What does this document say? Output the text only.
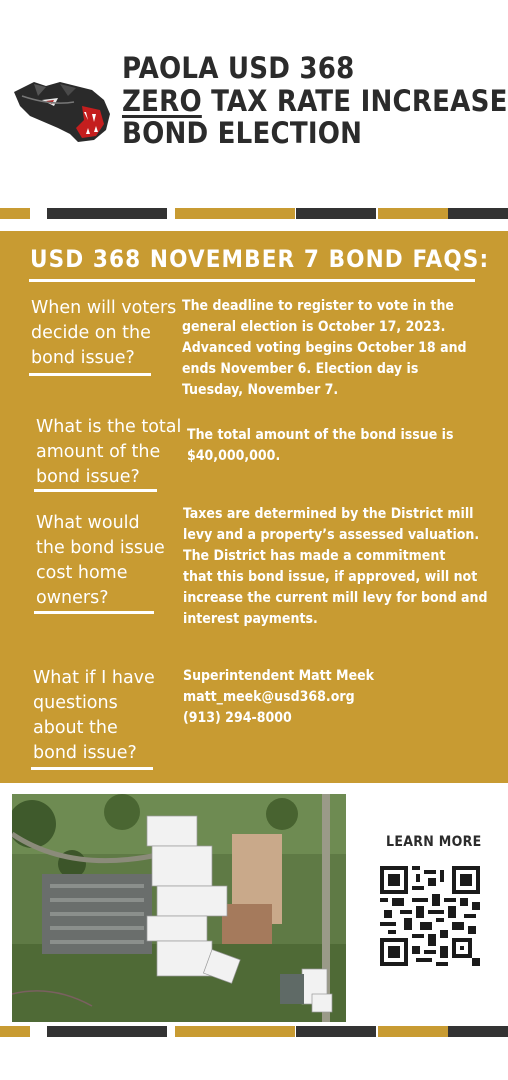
PAOLA USD 368
ZERO TAX RATE INCREASE
BOND ELECTION
USD 368 NOVEMBER 7 BOND FAQS:
When will voters
decide on the
bond issue?
The deadline to register to vote in the
general election is October 17, 2023.
Advanced voting begins October 18 and
ends November 6. Election day is
Tuesday, November 7.
What is the total
amount of the
bond issue?
The total amount of the bond issue is
$40,000,000.
What would
the bond issue
cost home
owners?
Taxes are determined by the District mill
levy and a property’s assessed valuation.
The District has made a commitment
that this bond issue, if approved, will not
increase the current mill levy for bond and
interest payments.
What if I have
questions
about the
bond issue?
Superintendent Matt Meek
matt_meek@usd368.org
(913) 294-8000
LEARN MORE
